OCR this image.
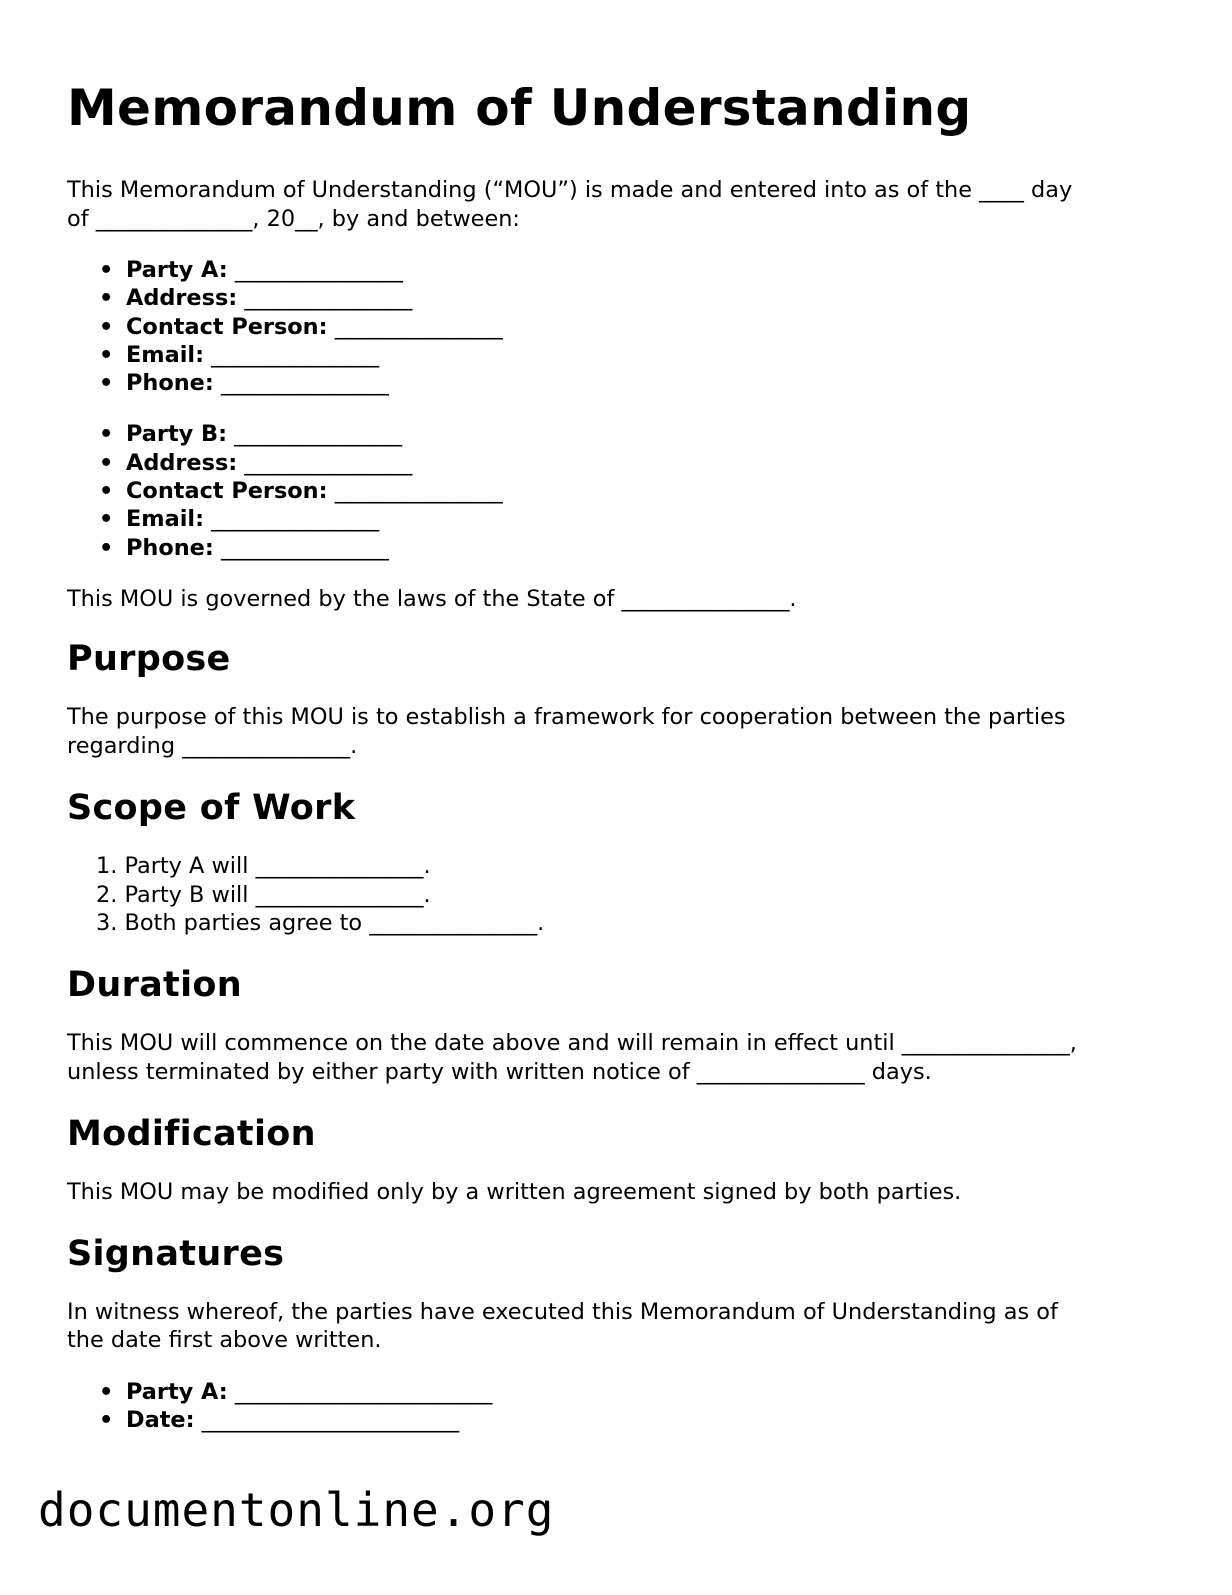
Memorandum of Understanding

This Memorandum of Understanding (“MOU”) is made and entered into as of the ____ day

of ______________, 20__, by and between:

• Party A: _______________
• Address: _______________
• Contact Person: _______________
• Email: _______________
• Phone: _______________
• Party B: _______________
• Address: _______________
• Contact Person: _______________
• Email: _______________
• Phone: _______________

This MOU is governed by the laws of the State of _______________.

Purpose

The purpose of this MOU is to establish a framework for cooperation between the parties

regarding _______________.

Scope of Work
1. Party A will _______________.
2. Party B will _______________.
3. Both parties agree to _______________.
Duration

This MOU will commence on the date above and will remain in effect until _______________,

unless terminated by either party with written notice of _______________ days.

Modification

This MOU may be modified only by a written agreement signed by both parties.

Signatures

In witness whereof, the parties have executed this Memorandum of Understanding as of

the date first above written.

• Party A: _______________________
• Date: _______________________
documentonline.org
